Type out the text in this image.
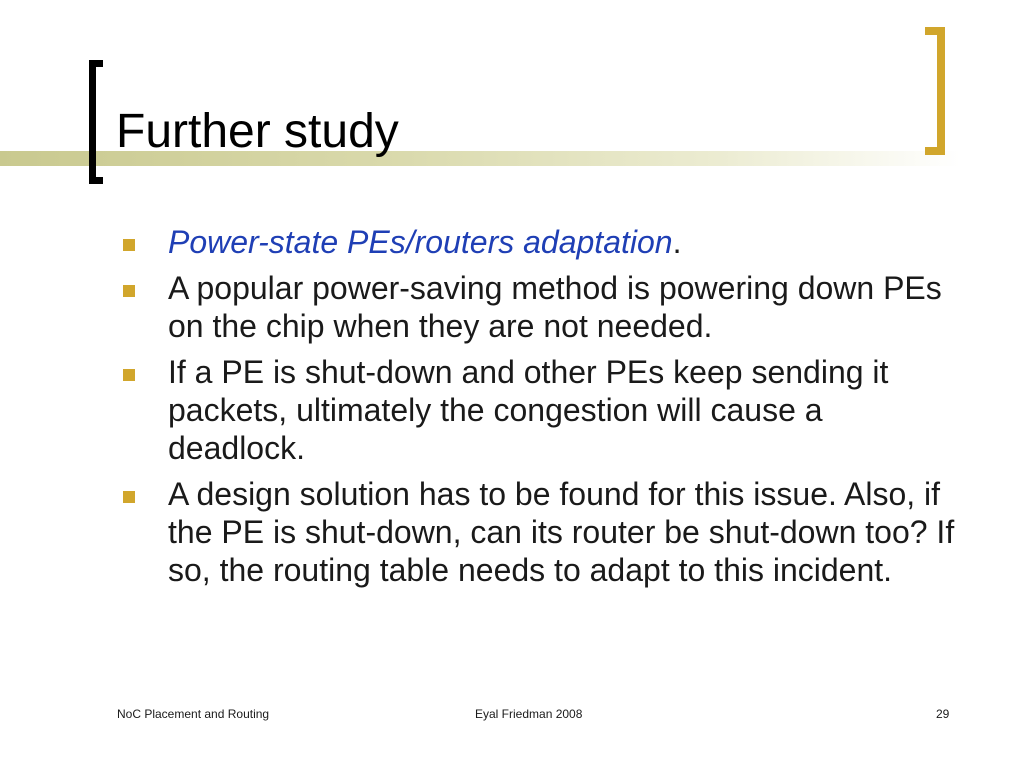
Further study
Power-state PEs/routers adaptation.
A popular power-saving method is powering down PEs on the chip when they are not needed.
If a PE is shut-down and other PEs keep sending it packets, ultimately the congestion will cause a deadlock.
A design solution has to be found for this issue. Also, if the PE is shut-down, can its router be shut-down too? If so, the routing table needs to adapt to this incident.
NoC Placement and Routing	Eyal Friedman 2008	29
